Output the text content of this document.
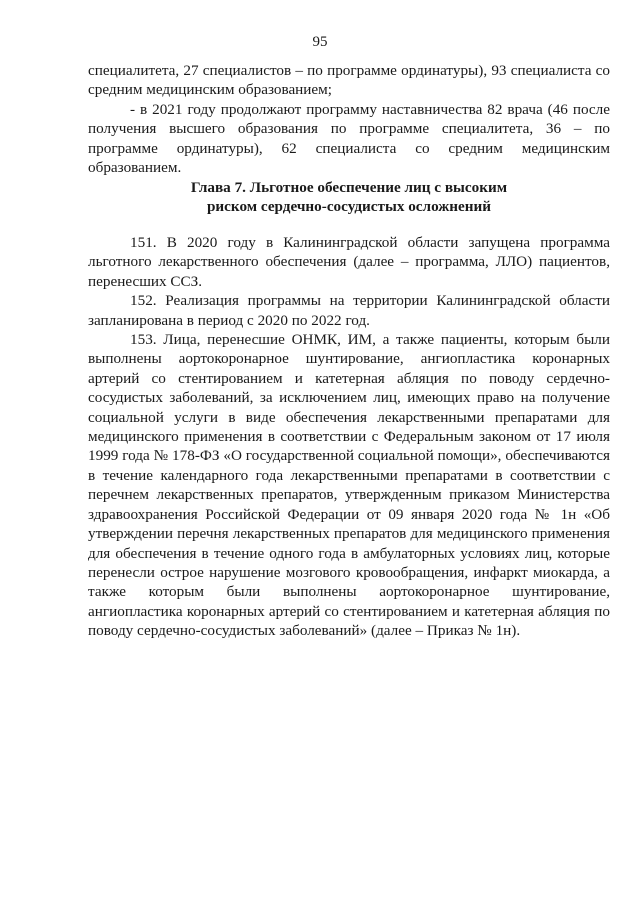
95

специалитета, 27 специалистов – по программе ординатуры), 93 специалиста со средним медицинским образованием;

- в 2021 году продолжают программу наставничества 82 врача (46 после получения высшего образования по программе специалитета, 36 – по программе ординатуры), 62 специалиста со средним медицинским образованием.

Глава 7. Льготное обеспечение лиц с высоким
риском сердечно-сосудистых осложнений

151. В 2020 году в Калининградской области запущена программа льготного лекарственного обеспечения (далее – программа, ЛЛО) пациентов, перенесших ССЗ.

152. Реализация программы на территории Калининградской области запланирована в период с 2020 по 2022 год.

153. Лица, перенесшие ОНМК, ИМ, а также пациенты, которым были выполнены аортокоронарное шунтирование, ангиопластика коронарных артерий со стентированием и катетерная абляция по поводу сердечно-сосудистых заболеваний, за исключением лиц, имеющих право на получение социальной услуги в виде обеспечения лекарственными препаратами для медицинского применения в соответствии с Федеральным законом от 17 июля 1999 года № 178-ФЗ «О государственной социальной помощи», обеспечиваются в течение календарного года лекарственными препаратами в соответствии с перечнем лекарственных препаратов, утвержденным приказом Министерства здравоохранения Российской Федерации от 09 января 2020 года № 1н «Об утверждении перечня лекарственных препаратов для медицинского применения для обеспечения в течение одного года в амбулаторных условиях лиц, которые перенесли острое нарушение мозгового кровообращения, инфаркт миокарда, а также которым были выполнены аортокоронарное шунтирование, ангиопластика коронарных артерий со стентированием и катетерная абляция по поводу сердечно-сосудистых заболеваний» (далее – Приказ № 1н).
